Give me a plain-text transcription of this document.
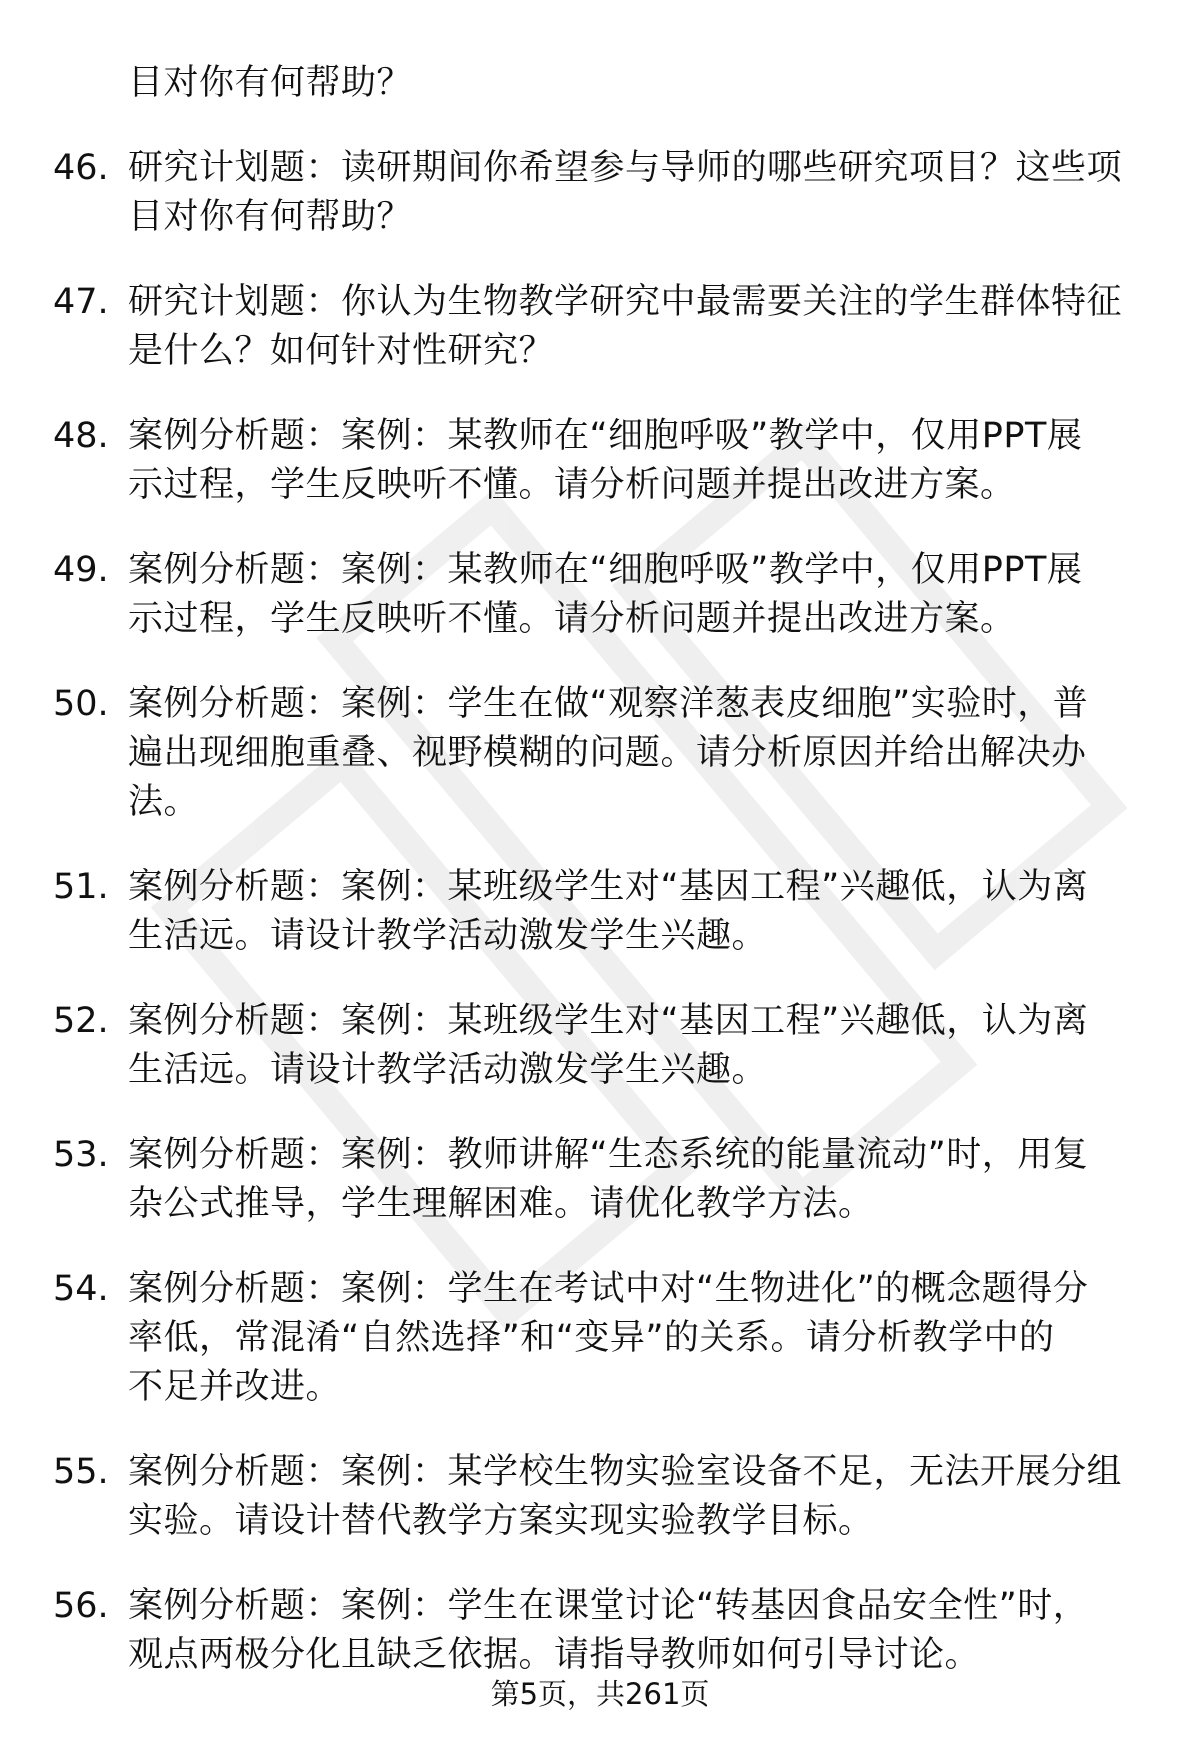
目对你有何帮助？
46. 研究计划题：读研期间你希望参与导师的哪些研究项目？这些项
目对你有何帮助？
47. 研究计划题：你认为生物教学研究中最需要关注的学生群体特征
是什么？如何针对性研究？
48. 案例分析题：案例：某教师在“细胞呼吸”教学中，仅用PPT展
示过程，学生反映听不懂。请分析问题并提出改进方案。
49. 案例分析题：案例：某教师在“细胞呼吸”教学中，仅用PPT展
示过程，学生反映听不懂。请分析问题并提出改进方案。
50. 案例分析题：案例：学生在做“观察洋葱表皮细胞”实验时，普
遍出现细胞重叠、视野模糊的问题。请分析原因并给出解决办
法。
51. 案例分析题：案例：某班级学生对“基因工程”兴趣低，认为离
生活远。请设计教学活动激发学生兴趣。
52. 案例分析题：案例：某班级学生对“基因工程”兴趣低，认为离
生活远。请设计教学活动激发学生兴趣。
53. 案例分析题：案例：教师讲解“生态系统的能量流动”时，用复
杂公式推导，学生理解困难。请优化教学方法。
54. 案例分析题：案例：学生在考试中对“生物进化”的概念题得分
率低，常混淆“自然选择”和“变异”的关系。请分析教学中的
不足并改进。
55. 案例分析题：案例：某学校生物实验室设备不足，无法开展分组
实验。请设计替代教学方案实现实验教学目标。
56. 案例分析题：案例：学生在课堂讨论“转基因食品安全性”时，
观点两极分化且缺乏依据。请指导教师如何引导讨论。
第5页，共261页
